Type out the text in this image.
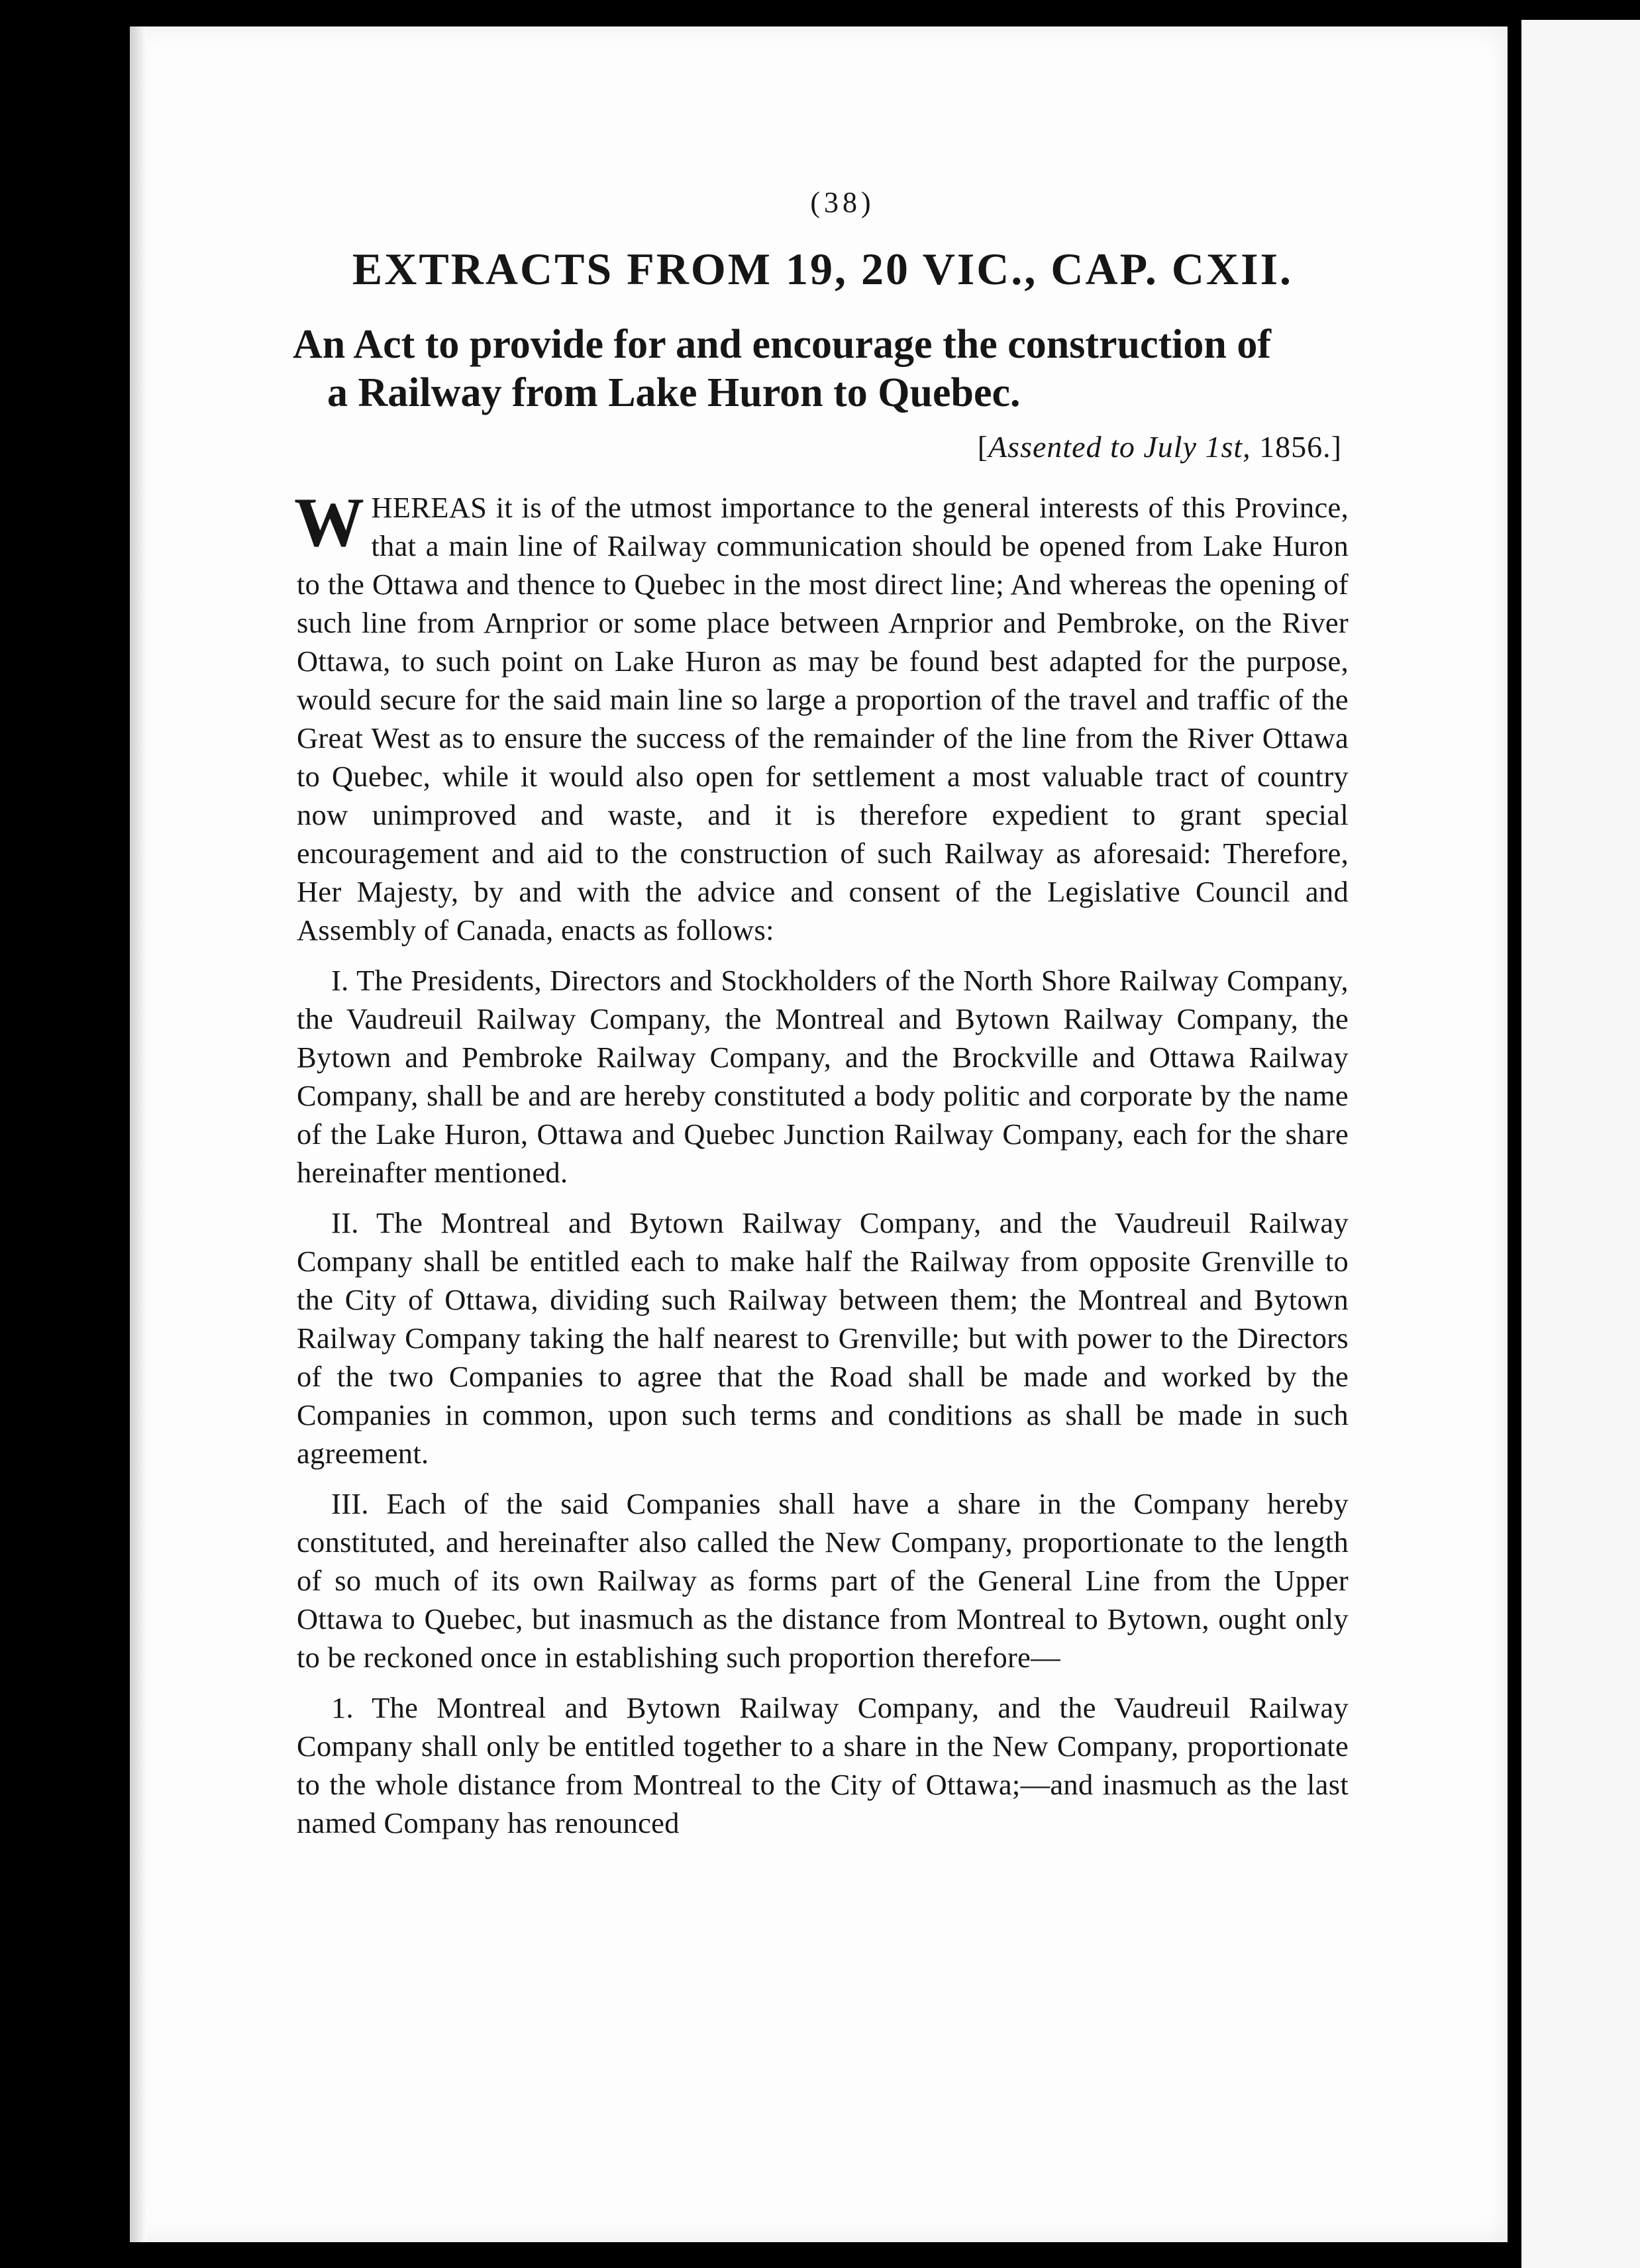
(38)
EXTRACTS FROM 19, 20 VIC., CAP. CXII.
An Act to provide for and encourage the construction of
a Railway from Lake Huron to Quebec.
[Assented to July 1st, 1856.]

WHEREAS it is of the utmost importance to the general interests of this Province, that a main line of Railway communication should be opened from Lake Huron to the Ottawa and thence to Quebec in the most direct line; And whereas the opening of such line from Arnprior or some place between Arnprior and Pembroke, on the River Ottawa, to such point on Lake Huron as may be found best adapted for the purpose, would secure for the said main line so large a proportion of the travel and traffic of the Great West as to ensure the success of the remainder of the line from the River Ottawa to Quebec, while it would also open for settlement a most valuable tract of country now unimproved and waste, and it is therefore expedient to grant special encouragement and aid to the construction of such Railway as aforesaid: Therefore, Her Majesty, by and with the advice and consent of the Legislative Council and Assembly of Canada, enacts as follows:

I. The Presidents, Directors and Stockholders of the North Shore Railway Company, the Vaudreuil Railway Company, the Montreal and Bytown Railway Company, the Bytown and Pembroke Railway Company, and the Brockville and Ottawa Railway Company, shall be and are hereby constituted a body politic and corporate by the name of the Lake Huron, Ottawa and Quebec Junction Railway Company, each for the share hereinafter mentioned.

II. The Montreal and Bytown Railway Company, and the Vaudreuil Railway Company shall be entitled each to make half the Railway from opposite Grenville to the City of Ottawa, dividing such Railway between them; the Montreal and Bytown Railway Company taking the half nearest to Grenville; but with power to the Directors of the two Companies to agree that the Road shall be made and worked by the Companies in common, upon such terms and conditions as shall be made in such agreement.

III. Each of the said Companies shall have a share in the Company hereby constituted, and hereinafter also called the New Company, proportionate to the length of so much of its own Railway as forms part of the General Line from the Upper Ottawa to Quebec, but inasmuch as the distance from Montreal to Bytown, ought only to be reckoned once in establishing such proportion therefore—

1. The Montreal and Bytown Railway Company, and the Vaudreuil Railway Company shall only be entitled together to a share in the New Company, proportionate to the whole distance from Montreal to the City of Ottawa;—and inasmuch as the last named Company has renounced
